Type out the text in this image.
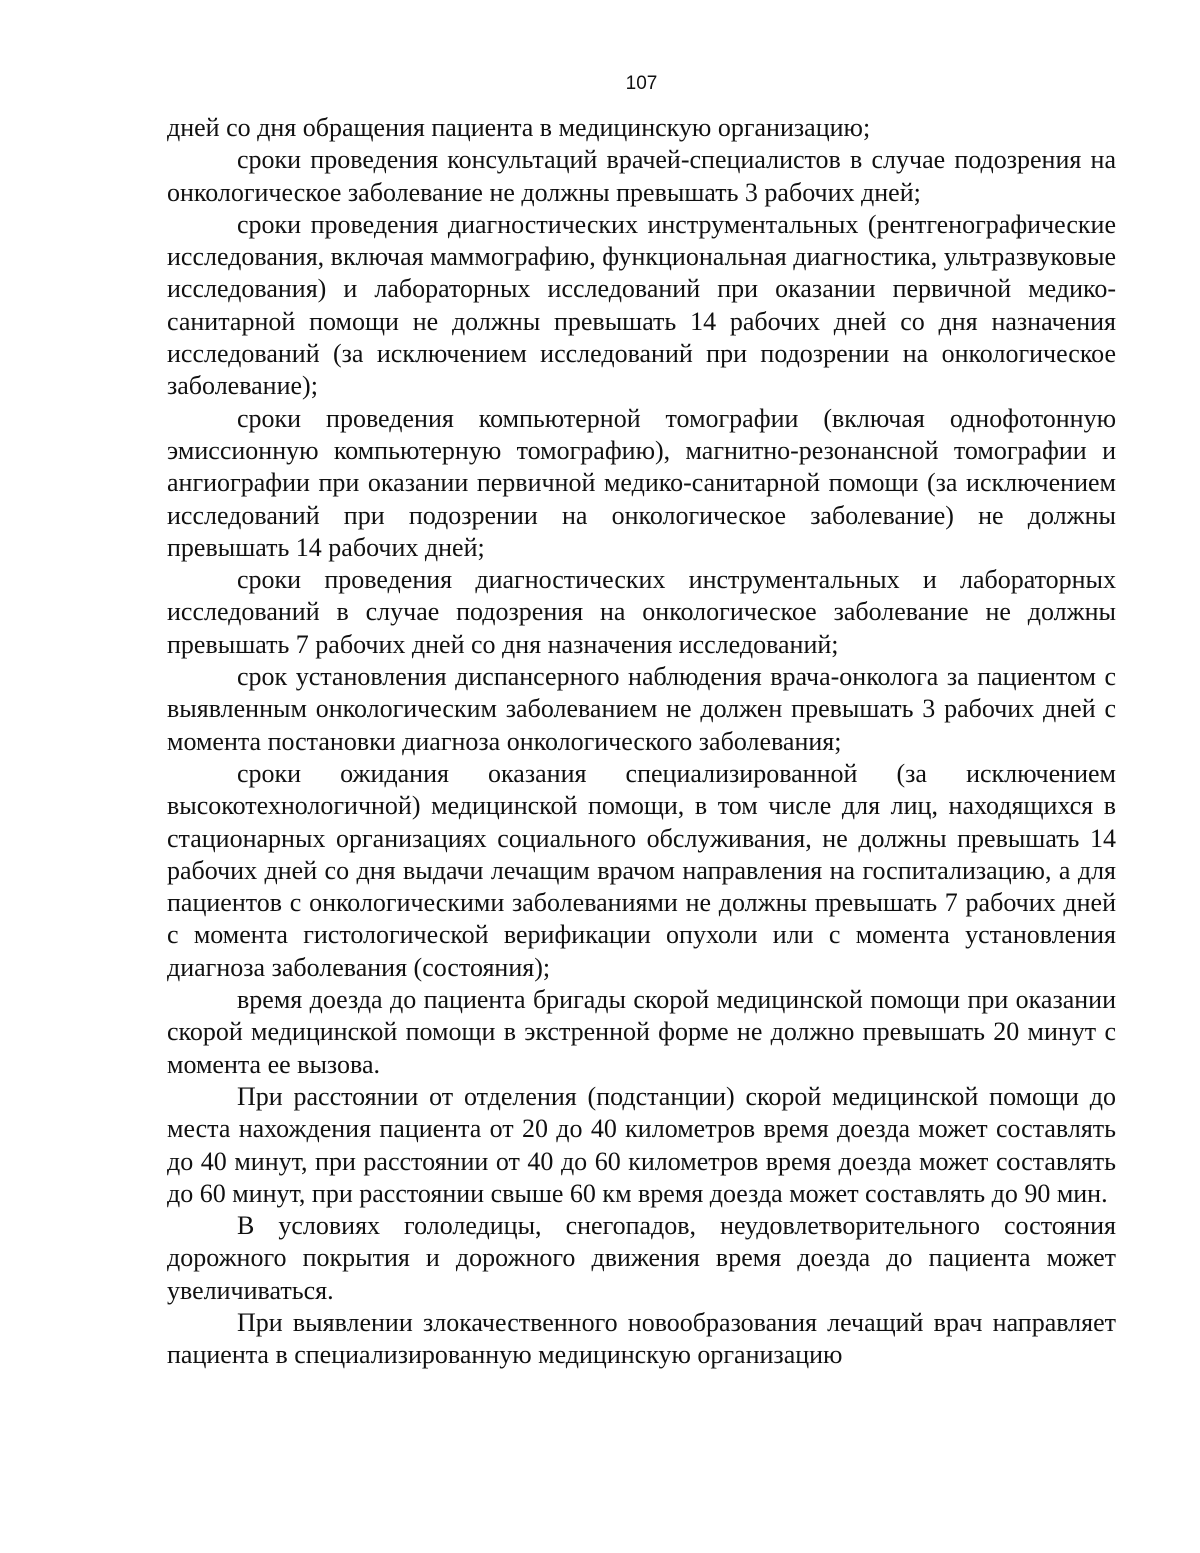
107

дней со дня обращения пациента в медицинскую организацию;

сроки проведения консультаций врачей-специалистов в случае подозрения на онкологическое заболевание не должны превышать 3 рабочих дней;

сроки проведения диагностических инструментальных (рентгенографические исследования, включая маммографию, функциональная диагностика, ультразвуковые исследования) и лабораторных исследований при оказании первичной медико-санитарной помощи не должны превышать 14 рабочих дней со дня назначения исследований (за исключением исследований при подозрении на онкологическое заболевание);

сроки проведения компьютерной томографии (включая однофотонную эмиссионную компьютерную томографию), магнитно-резонансной томографии и ангиографии при оказании первичной медико-санитарной помощи (за исключением исследований при подозрении на онкологическое заболевание) не должны превышать 14 рабочих дней;

сроки проведения диагностических инструментальных и лабораторных исследований в случае подозрения на онкологическое заболевание не должны превышать 7 рабочих дней со дня назначения исследований;

срок установления диспансерного наблюдения врача-онколога за пациентом с выявленным онкологическим заболеванием не должен превышать 3 рабочих дней с момента постановки диагноза онкологического заболевания;

сроки ожидания оказания специализированной (за исключением высокотехнологичной) медицинской помощи, в том числе для лиц, находящихся в стационарных организациях социального обслуживания, не должны превышать 14 рабочих дней со дня выдачи лечащим врачом направления на госпитализацию, а для пациентов с онкологическими заболеваниями не должны превышать 7 рабочих дней с момента гистологической верификации опухоли или с момента установления диагноза заболевания (состояния);

время доезда до пациента бригады скорой медицинской помощи при оказании скорой медицинской помощи в экстренной форме не должно превышать 20 минут с момента ее вызова.

При расстоянии от отделения (подстанции) скорой медицинской помощи до места нахождения пациента от 20 до 40 километров время доезда может составлять до 40 минут, при расстоянии от 40 до 60 километров время доезда может составлять до 60 минут, при расстоянии свыше 60 км время доезда может составлять до 90 мин.

В условиях гололедицы, снегопадов, неудовлетворительного состояния дорожного покрытия и дорожного движения время доезда до пациента может увеличиваться.

При выявлении злокачественного новообразования лечащий врач направляет пациента в специализированную медицинскую организацию
